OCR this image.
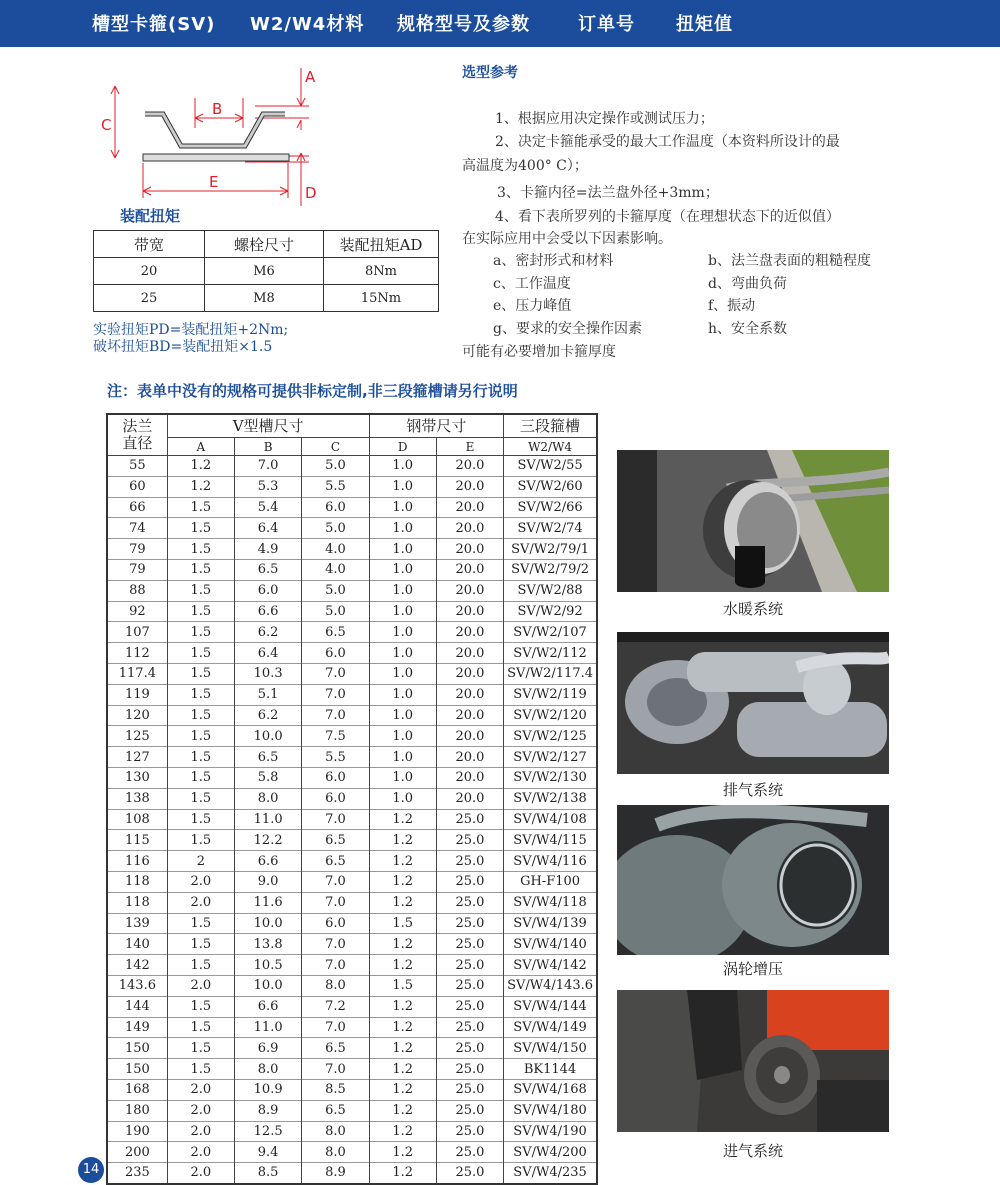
槽型卡箍(SV) W2/W4材料 规格型号及参数	订单号 扭矩值
C
B
E
A
D
装配扭矩
带宽	螺栓尺寸	装配扭矩AD
20	M6	8Nm
25	M8	15Nm
实验扭矩PD=装配扭矩+2Nm;
破坏扭矩BD=装配扭矩×1.5
选型参考
1、根据应用决定操作或测试压力；
2、决定卡箍能承受的最大工作温度（本资料所设计的最
高温度为400° C）；
3、卡箍内径=法兰盘外径+3mm；
4、看下表所罗列的卡箍厚度（在理想状态下的近似值）
在实际应用中会受以下因素影响。
a、密封形式和材料	b、法兰盘表面的粗糙程度
c、工作温度	d、弯曲负荷
e、压力峰值	f、振动
g、要求的安全操作因素	h、安全系数
可能有必要增加卡箍厚度
注：表单中没有的规格可提供非标定制,非三段箍槽请另行说明
法兰
直径	V型槽尺寸			钢带尺寸		三段箍槽
	A	B	C	D	E	W2/W4
55	1.2	7.0	5.0	1.0	20.0	SV/W2/55
60	1.2	5.3	5.5	1.0	20.0	SV/W2/60
66	1.5	5.4	6.0	1.0	20.0	SV/W2/66
74	1.5	6.4	5.0	1.0	20.0	SV/W2/74
79	1.5	4.9	4.0	1.0	20.0	SV/W2/79/1
79	1.5	6.5	4.0	1.0	20.0	SV/W2/79/2
88	1.5	6.0	5.0	1.0	20.0	SV/W2/88
92	1.5	6.6	5.0	1.0	20.0	SV/W2/92
107	1.5	6.2	6.5	1.0	20.0	SV/W2/107
112	1.5	6.4	6.0	1.0	20.0	SV/W2/112
117.4	1.5	10.3	7.0	1.0	20.0	SV/W2/117.4
119	1.5	5.1	7.0	1.0	20.0	SV/W2/119
120	1.5	6.2	7.0	1.0	20.0	SV/W2/120
125	1.5	10.0	7.5	1.0	20.0	SV/W2/125
127	1.5	6.5	5.5	1.0	20.0	SV/W2/127
130	1.5	5.8	6.0	1.0	20.0	SV/W2/130
138	1.5	8.0	6.0	1.0	20.0	SV/W2/138
108	1.5	11.0	7.0	1.2	25.0	SV/W4/108
115	1.5	12.2	6.5	1.2	25.0	SV/W4/115
116	2	6.6	6.5	1.2	25.0	SV/W4/116
118	2.0	9.0	7.0	1.2	25.0	GH-F100
118	2.0	11.6	7.0	1.2	25.0	SV/W4/118
139	1.5	10.0	6.0	1.5	25.0	SV/W4/139
140	1.5	13.8	7.0	1.2	25.0	SV/W4/140
142	1.5	10.5	7.0	1.2	25.0	SV/W4/142
143.6	2.0	10.0	8.0	1.5	25.0	SV/W4/143.6
144	1.5	6.6	7.2	1.2	25.0	SV/W4/144
149	1.5	11.0	7.0	1.2	25.0	SV/W4/149
150	1.5	6.9	6.5	1.2	25.0	SV/W4/150
150	1.5	8.0	7.0	1.2	25.0	BK1144
168	2.0	10.9	8.5	1.2	25.0	SV/W4/168
180	2.0	8.9	6.5	1.2	25.0	SV/W4/180
190	2.0	12.5	8.0	1.2	25.0	SV/W4/190
200	2.0	9.4	8.0	1.2	25.0	SV/W4/200
235	2.0	8.5	8.9	1.2	25.0	SV/W4/235
水暖系统
排气系统
涡轮增压
进气系统
14
